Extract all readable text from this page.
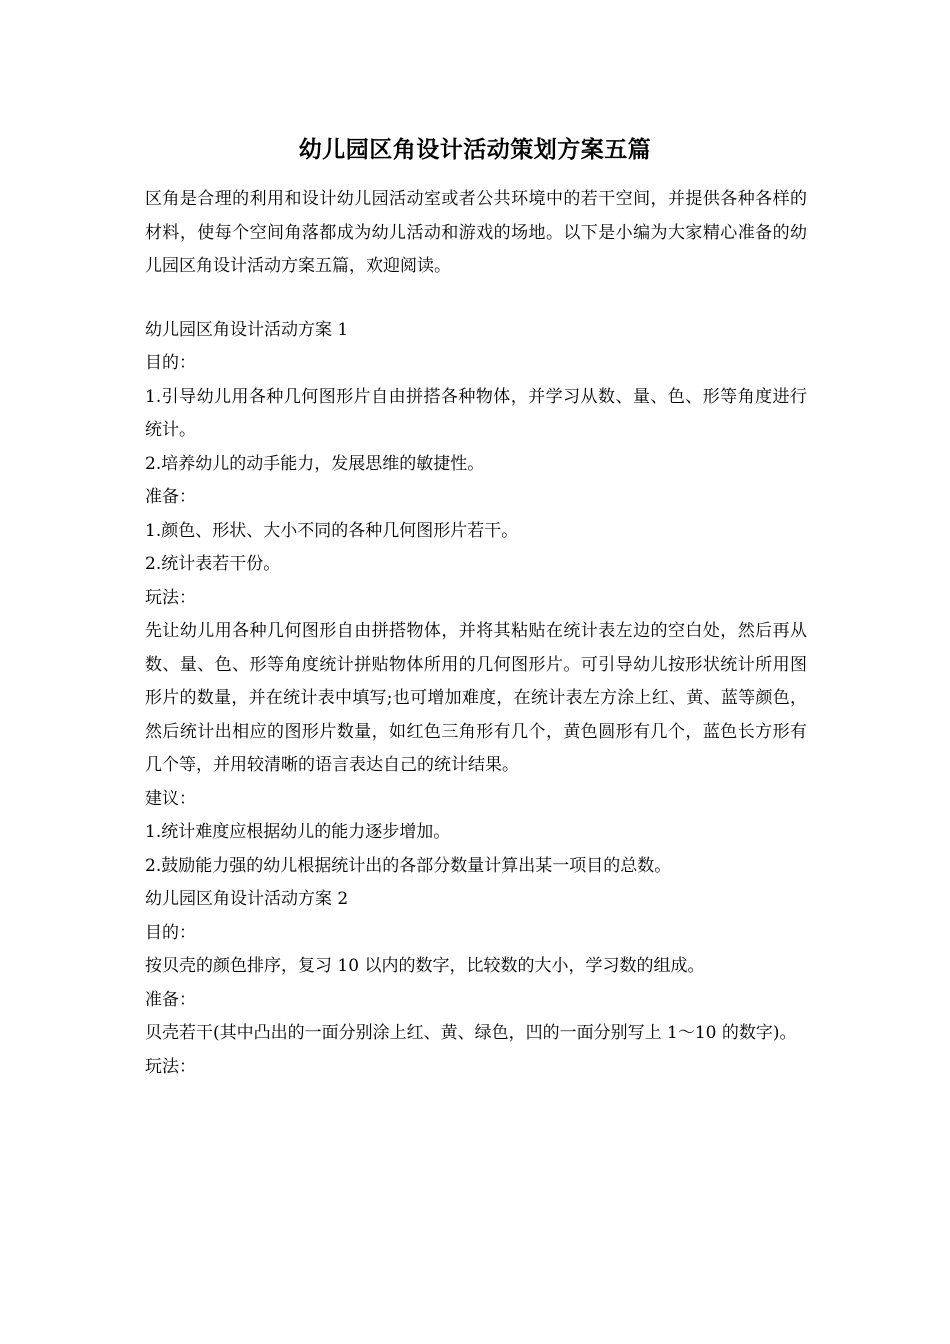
幼儿园区角设计活动策划方案五篇

区角是合理的利用和设计幼儿园活动室或者公共环境中的若干空间，并提供各种各样的材料，使每个空间角落都成为幼儿活动和游戏的场地。以下是小编为大家精心准备的幼儿园区角设计活动方案五篇，欢迎阅读。

幼儿园区角设计活动方案 1

目的：

1.引导幼儿用各种几何图形片自由拼搭各种物体，并学习从数、量、色、形等角度进行统计。

2.培养幼儿的动手能力，发展思维的敏捷性。

准备：

1.颜色、形状、大小不同的各种几何图形片若干。

2.统计表若干份。

玩法：

先让幼儿用各种几何图形自由拼搭物体，并将其粘贴在统计表左边的空白处，然后再从数、量、色、形等角度统计拼贴物体所用的几何图形片。可引导幼儿按形状统计所用图形片的数量，并在统计表中填写;也可增加难度，在统计表左方涂上红、黄、蓝等颜色，然后统计出相应的图形片数量，如红色三角形有几个，黄色圆形有几个，蓝色长方形有几个等，并用较清晰的语言表达自己的统计结果。

建议：

1.统计难度应根据幼儿的能力逐步增加。

2.鼓励能力强的幼儿根据统计出的各部分数量计算出某一项目的总数。

幼儿园区角设计活动方案 2

目的：

按贝壳的颜色排序，复习 10 以内的数字，比较数的大小，学习数的组成。

准备：

贝壳若干(其中凸出的一面分别涂上红、黄、绿色，凹的一面分别写上 1～10 的数字)。

玩法：
